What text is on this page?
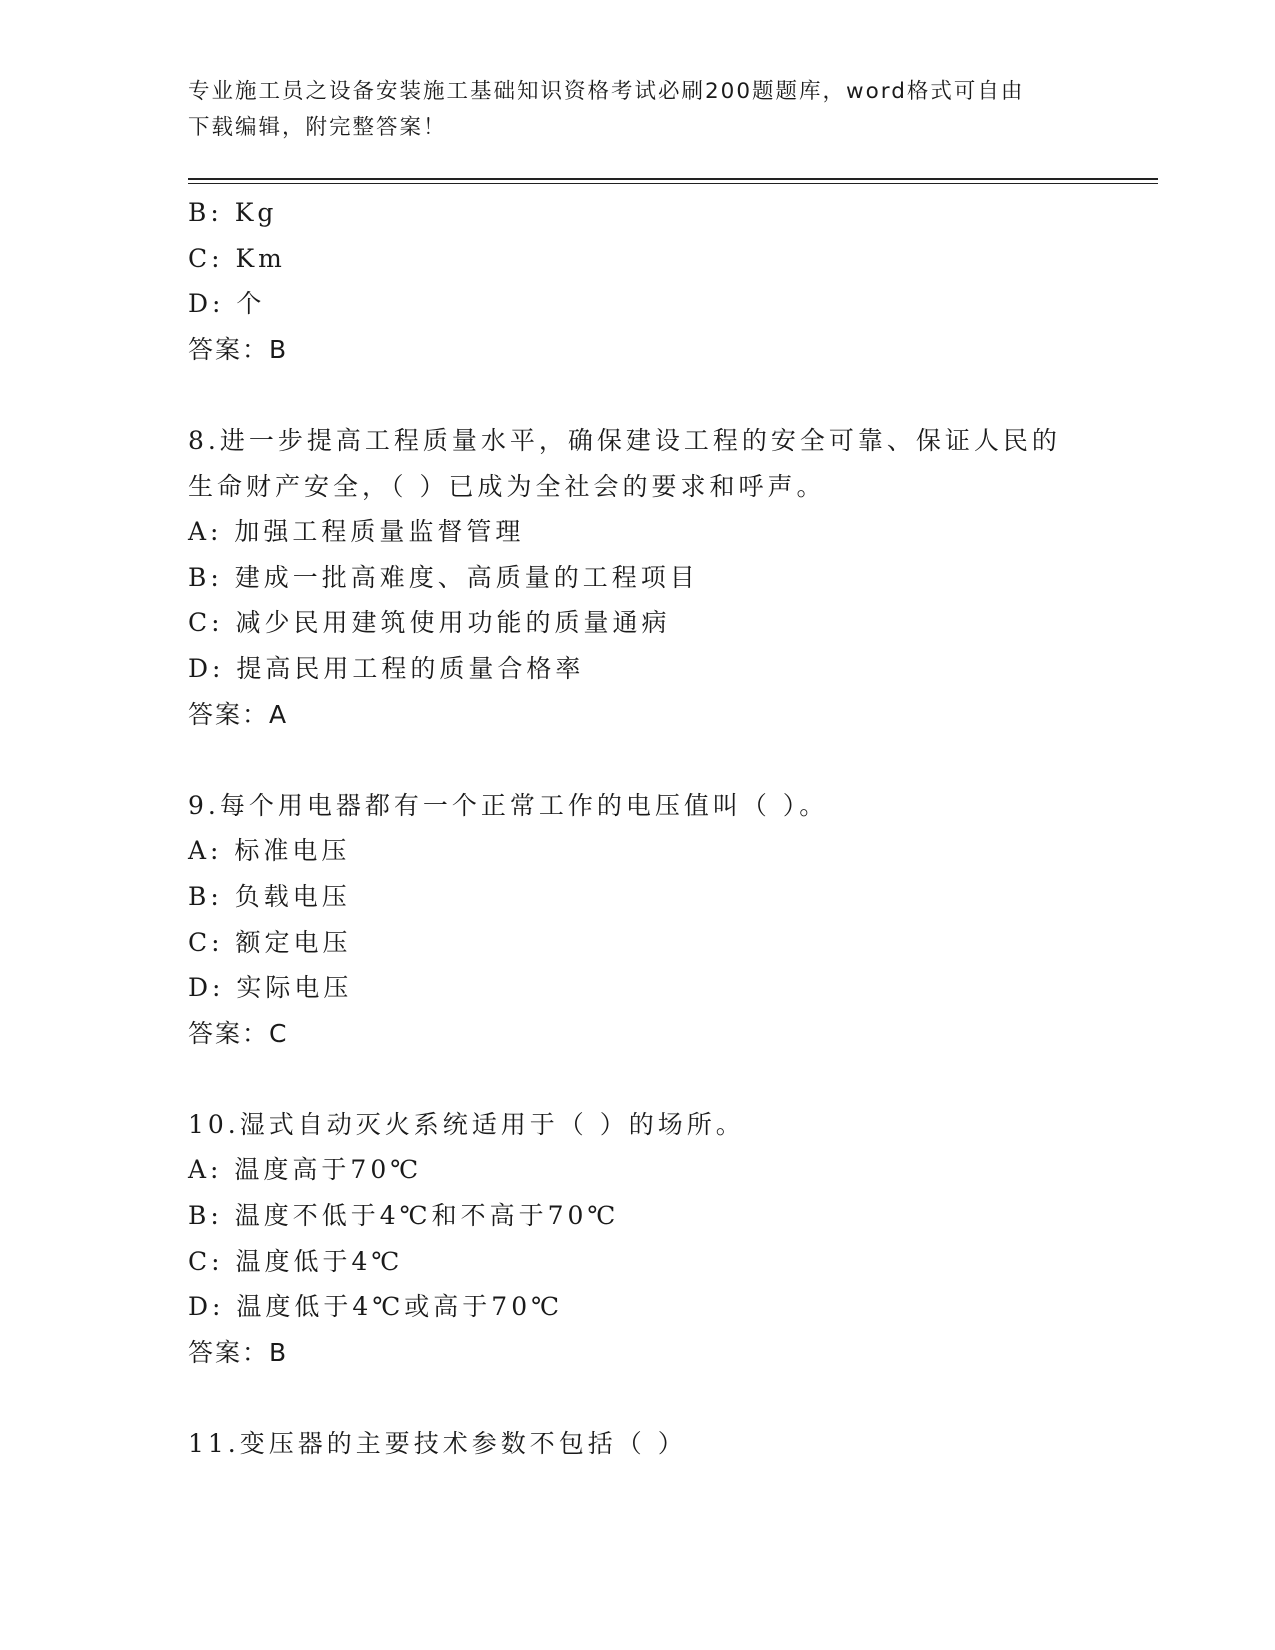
专业施工员之设备安装施工基础知识资格考试必刷200题题库，word格式可自由
下载编辑，附完整答案！
B: Kg
C: Km
D: 个
答案：B
8.进一步提高工程质量水平，确保建设工程的安全可靠、保证人民的
生命财产安全，（ ）已成为全社会的要求和呼声。
A: 加强工程质量监督管理
B: 建成一批高难度、高质量的工程项目
C: 减少民用建筑使用功能的质量通病
D: 提高民用工程的质量合格率
答案：A
9.每个用电器都有一个正常工作的电压值叫（ ）。
A: 标准电压
B: 负载电压
C: 额定电压
D: 实际电压
答案：C
10.湿式自动灭火系统适用于（ ）的场所。
A: 温度高于70℃
B: 温度不低于4℃和不高于70℃
C: 温度低于4℃
D: 温度低于4℃或高于70℃
答案：B
11.变压器的主要技术参数不包括（ ）
